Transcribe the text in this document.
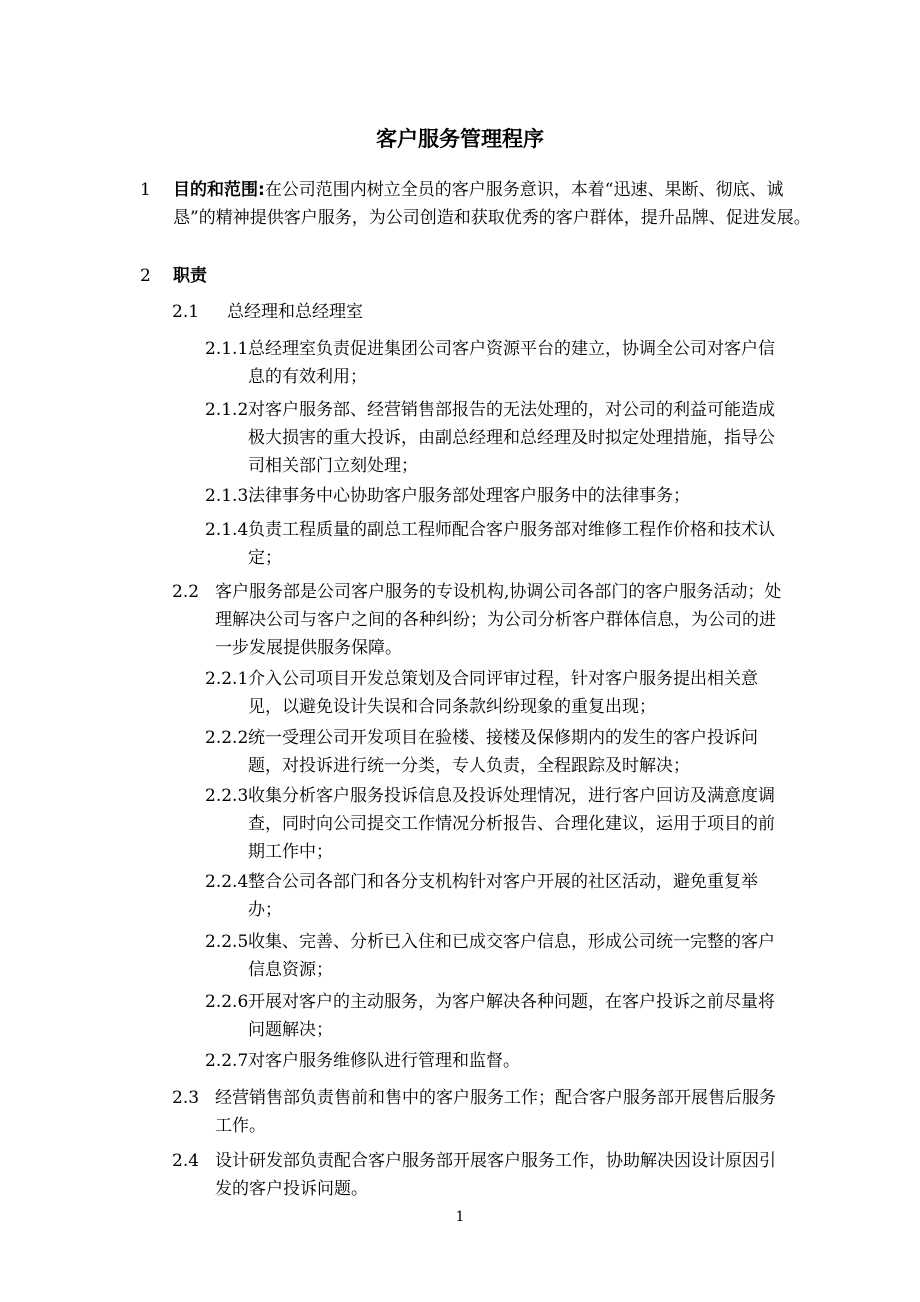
客户服务管理程序
1 目的和范围:在公司范围内树立全员的客户服务意识，本着“迅速、果断、彻底、诚恳”的精神提供客户服务，为公司创造和获取优秀的客户群体，提升品牌、促进发展。
2 职责
2.1 总经理和总经理室
2.1.1 总经理室负责促进集团公司客户资源平台的建立，协调全公司对客户信息的有效利用；
2.1.2 对客户服务部、经营销售部报告的无法处理的，对公司的利益可能造成极大损害的重大投诉，由副总经理和总经理及时拟定处理措施，指导公司相关部门立刻处理；
2.1.3 法律事务中心协助客户服务部处理客户服务中的法律事务；
2.1.4 负责工程质量的副总工程师配合客户服务部对维修工程作价格和技术认定；
2.2 客户服务部是公司客户服务的专设机构,协调公司各部门的客户服务活动；处理解决公司与客户之间的各种纠纷；为公司分析客户群体信息，为公司的进一步发展提供服务保障。
2.2.1 介入公司项目开发总策划及合同评审过程，针对客户服务提出相关意见，以避免设计失误和合同条款纠纷现象的重复出现；
2.2.2 统一受理公司开发项目在验楼、接楼及保修期内的发生的客户投诉问题，对投诉进行统一分类，专人负责，全程跟踪及时解决；
2.2.3 收集分析客户服务投诉信息及投诉处理情况，进行客户回访及满意度调查，同时向公司提交工作情况分析报告、合理化建议，运用于项目的前期工作中；
2.2.4 整合公司各部门和各分支机构针对客户开展的社区活动，避免重复举办；
2.2.5 收集、完善、分析已入住和已成交客户信息，形成公司统一完整的客户信息资源；
2.2.6 开展对客户的主动服务，为客户解决各种问题，在客户投诉之前尽量将问题解决；
2.2.7 对客户服务维修队进行管理和监督。
2.3 经营销售部负责售前和售中的客户服务工作；配合客户服务部开展售后服务工作。
2.4 设计研发部负责配合客户服务部开展客户服务工作，协助解决因设计原因引发的客户投诉问题。
1
